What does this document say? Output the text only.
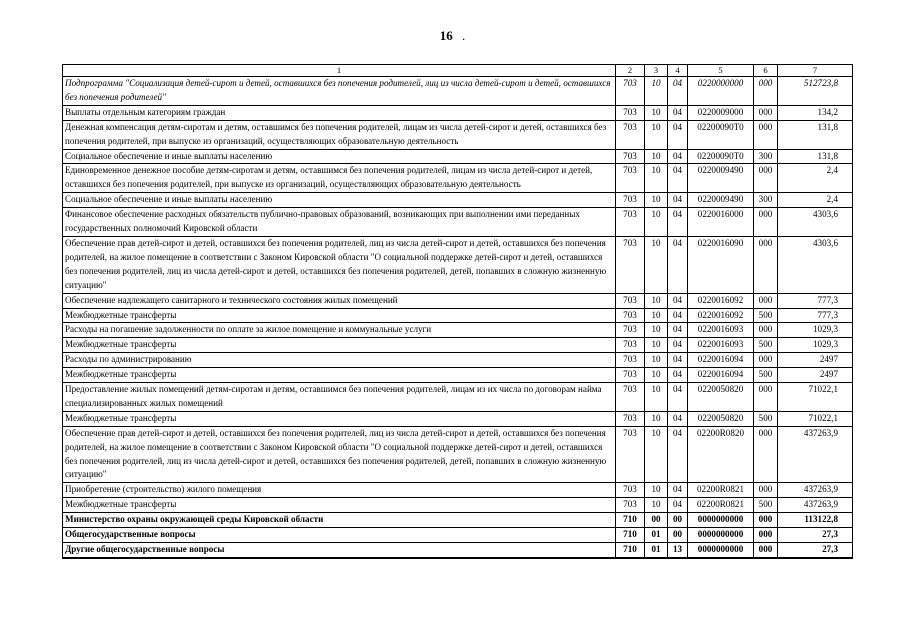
16 .
1	2	3	4	5	6	7
Подпрограмма "Социализация детей-сирот и детей, оставшихся без попечения родителей, лиц из числа детей-сирот и детей, оставшихся без попечения родителей"	703	10	04	0220000000	000	512723,8
Выплаты отдельным категориям граждан	703	10	04	0220009000	000	134,2
Денежная компенсация детям-сиротам и детям, оставшимся без попечения родителей, лицам из числа детей-сирот и детей, оставшихся без попечения родителей, при выпуске из организаций, осуществляющих образовательную деятельность	703	10	04	02200090Т0	000	131,8
Социальное обеспечение и иные выплаты населению	703	10	04	02200090Т0	300	131,8
Единовременное денежное пособие детям-сиротам и детям, оставшимся без попечения родителей, лицам из числа детей-сирот и детей, оставшихся без попечения родителей, при выпуске из организаций, осуществляющих образовательную деятельность	703	10	04	0220009490	000	2,4
Социальное обеспечение и иные выплаты населению	703	10	04	0220009490	300	2,4
Финансовое обеспечение расходных обязательств публично-правовых образований, возникающих при выполнении ими переданных государственных полномочий Кировской области	703	10	04	0220016000	000	4303,6
Обеспечение прав детей-сирот и детей, оставшихся без попечения родителей, лиц из числа детей-сирот и детей, оставшихся без попечения родителей, на жилое помещение в соответствии с Законом Кировской области "О социальной поддержке детей-сирот и детей, оставшихся без попечения родителей, лиц из числа детей-сирот и детей, оставшихся без попечения родителей, детей, попавших в сложную жизненную ситуацию"	703	10	04	0220016090	000	4303,6
Обеспечение надлежащего санитарного и технического состояния жилых помещений	703	10	04	0220016092	000	777,3
Межбюджетные трансферты	703	10	04	0220016092	500	777,3
Расходы на погашение задолженности по оплате за жилое помещение и коммунальные услуги	703	10	04	0220016093	000	1029,3
Межбюджетные трансферты	703	10	04	0220016093	500	1029,3
Расходы по администрированию	703	10	04	0220016094	000	2497
Межбюджетные трансферты	703	10	04	0220016094	500	2497
Предоставление жилых помещений детям-сиротам и детям, оставшимся без попечения родителей, лицам из их числа по договорам найма специализированных жилых помещений	703	10	04	0220050820	000	71022,1
Межбюджетные трансферты	703	10	04	0220050820	500	71022,1
Обеспечение прав детей-сирот и детей, оставшихся без попечения родителей, лиц из числа детей-сирот и детей, оставшихся без попечения родителей, на жилое помещение в соответствии с Законом Кировской области "О социальной поддержке детей-сирот и детей, оставшихся без попечения родителей, лиц из числа детей-сирот и детей, оставшихся без попечения родителей, детей, попавших в сложную жизненную ситуацию"	703	10	04	02200R0820	000	437263,9
Приобретение (строительство) жилого помещения	703	10	04	02200R0821	000	437263,9
Межбюджетные трансферты	703	10	04	02200R0821	500	437263,9
Министерство охраны окружающей среды Кировской области	710	00	00	0000000000	000	113122,8
Общегосударственные вопросы	710	01	00	0000000000	000	27,3
Другие общегосударственные вопросы	710	01	13	0000000000	000	27,3
